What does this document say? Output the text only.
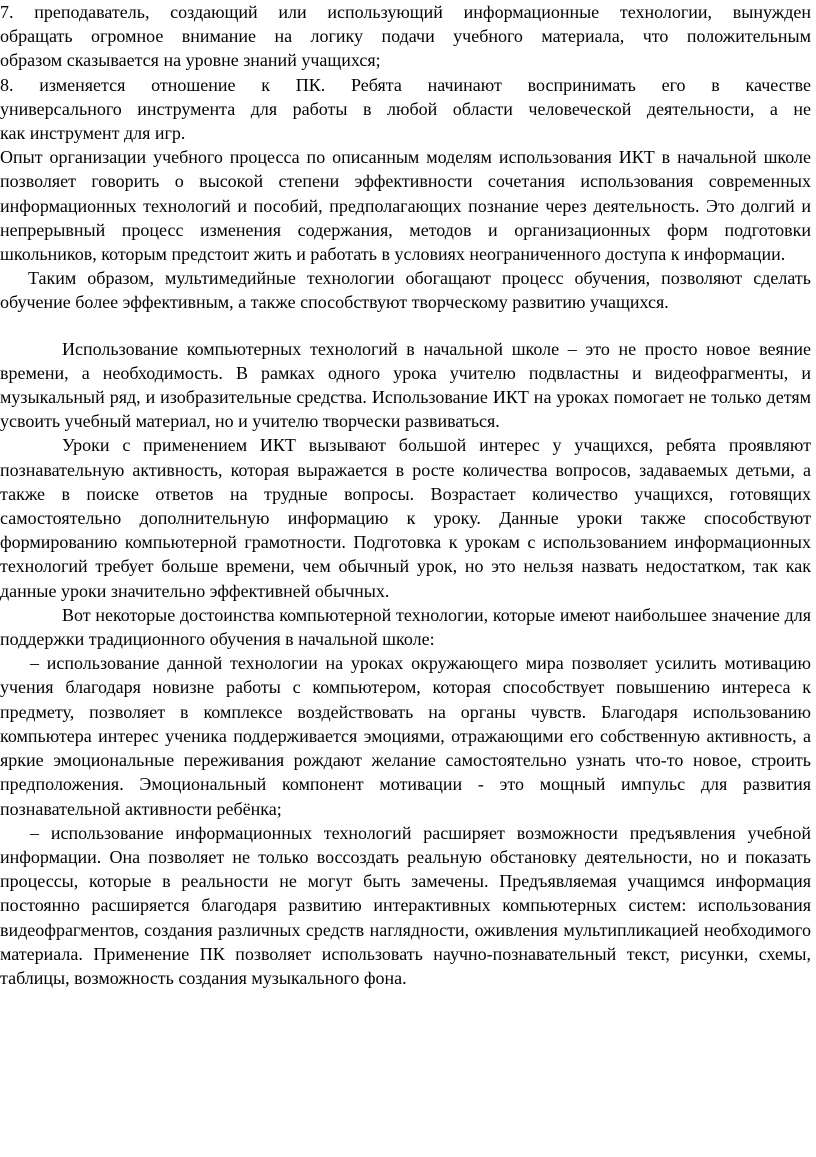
7. преподаватель, создающий или использующий информационные технологии, вынужден
обращать огромное внимание на логику подачи учебного материала, что положительным
образом сказывается на уровне знаний учащихся;

8. изменяется отношение к ПК. Ребята начинают воспринимать его в качестве
универсального инструмента для работы в любой области человеческой деятельности, а не
как инструмент для игр.

Опыт организации учебного процесса по описанным моделям использования ИКТ в начальной школе позволяет говорить о высокой степени эффективности сочетания использования современных информационных технологий и пособий, предполагающих познание через деятельность. Это долгий и непрерывный процесс изменения содержания, методов и организационных форм подготовки школьников, которым предстоит жить и работать в условиях неограниченного доступа к информации.

Таким образом, мультимедийные технологии обогащают процесс обучения, позволяют сделать обучение более эффективным, а также способствуют творческому развитию учащихся.

Использование компьютерных технологий в начальной школе – это не просто новое веяние времени, а необходимость. В рамках одного урока учителю подвластны и видеофрагменты, и музыкальный ряд, и изобразительные средства. Использование ИКТ на уроках помогает не только детям усвоить учебный материал, но и учителю творчески развиваться.

Уроки с применением ИКТ вызывают большой интерес у учащихся, ребята проявляют познавательную активность, которая выражается в росте количества вопросов, задаваемых детьми, а также в поиске ответов на трудные вопросы. Возрастает количество учащихся, готовящих самостоятельно дополнительную информацию к уроку. Данные уроки также способствуют формированию компьютерной грамотности. Подготовка к урокам с использованием информационных технологий требует больше времени, чем обычный урок, но это нельзя назвать недостатком, так как данные уроки значительно эффективней обычных.

Вот некоторые достоинства компьютерной технологии, которые имеют наибольшее значение для поддержки традиционного обучения в начальной школе:

– использование данной технологии на уроках окружающего мира позволяет усилить мотивацию учения благодаря новизне работы с компьютером, которая способствует повышению интереса к предмету, позволяет в комплексе воздействовать на органы чувств. Благодаря использованию компьютера интерес ученика поддерживается эмоциями, отражающими его собственную активность, а яркие эмоциональные переживания рождают желание самостоятельно узнать что-то новое, строить предположения. Эмоциональный компонент мотивации - это мощный импульс для развития познавательной активности ребёнка;

– использование информационных технологий расширяет возможности предъявления учебной информации. Она позволяет не только воссоздать реальную обстановку деятельности, но и показать процессы, которые в реальности не могут быть замечены. Предъявляемая учащимся информация постоянно расширяется благодаря развитию интерактивных компьютерных систем: использования видеофрагментов, создания различных средств наглядности, оживления мультипликацией необходимого материала. Применение ПК позволяет использовать научно-познавательный текст, рисунки, схемы, таблицы, возможность создания музыкального фона.
